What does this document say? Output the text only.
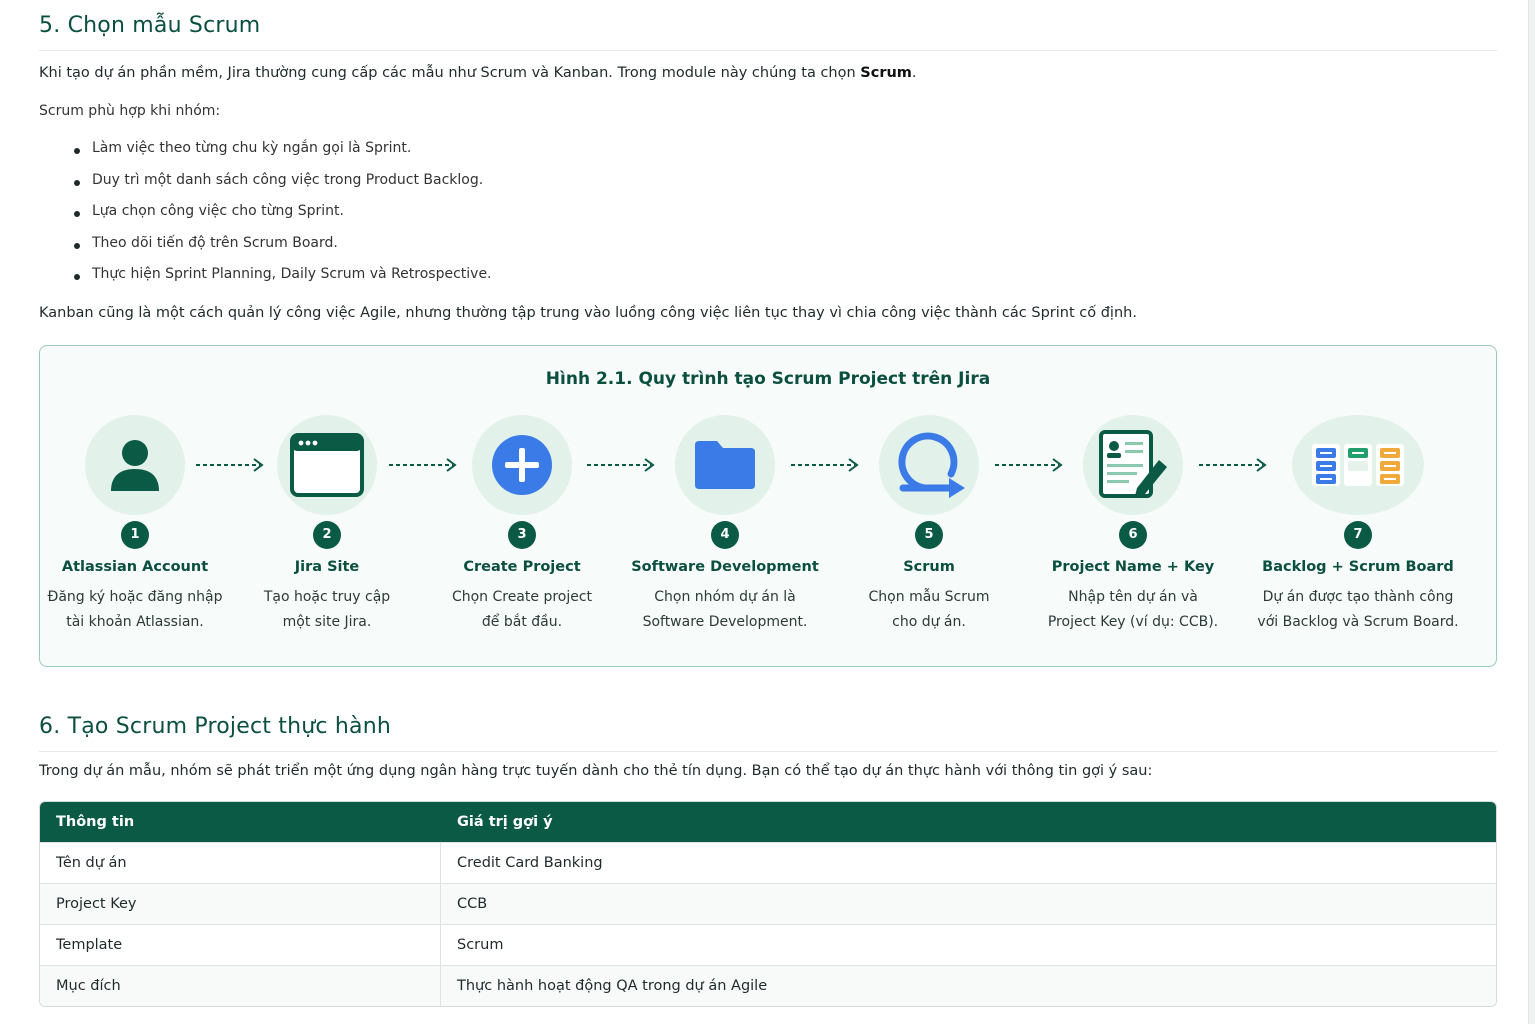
5. Chọn mẫu Scrum
Khi tạo dự án phần mềm, Jira thường cung cấp các mẫu như Scrum và Kanban. Trong module này chúng ta chọn Scrum.
Scrum phù hợp khi nhóm:
Làm việc theo từng chu kỳ ngắn gọi là Sprint.
Duy trì một danh sách công việc trong Product Backlog.
Lựa chọn công việc cho từng Sprint.
Theo dõi tiến độ trên Scrum Board.
Thực hiện Sprint Planning, Daily Scrum và Retrospective.
Kanban cũng là một cách quản lý công việc Agile, nhưng thường tập trung vào luồng công việc liên tục thay vì chia công việc thành các Sprint cố định.
Hình 2.1. Quy trình tạo Scrum Project trên Jira
1
Atlassian Account
Đăng ký hoặc đăng nhập
tài khoản Atlassian.
2
Jira Site
Tạo hoặc truy cập
một site Jira.
3
Create Project
Chọn Create project
để bắt đầu.
4
Software Development
Chọn nhóm dự án là
Software Development.
5
Scrum
Chọn mẫu Scrum
cho dự án.
6
Project Name + Key
Nhập tên dự án và
Project Key (ví dụ: CCB).
7
Backlog + Scrum Board
Dự án được tạo thành công
với Backlog và Scrum Board.
6. Tạo Scrum Project thực hành
Trong dự án mẫu, nhóm sẽ phát triển một ứng dụng ngân hàng trực tuyến dành cho thẻ tín dụng. Bạn có thể tạo dự án thực hành với thông tin gợi ý sau:
Thông tin	Giá trị gợi ý
Tên dự án	Credit Card Banking
Project Key	CCB
Template	Scrum
Mục đích	Thực hành hoạt động QA trong dự án Agile
